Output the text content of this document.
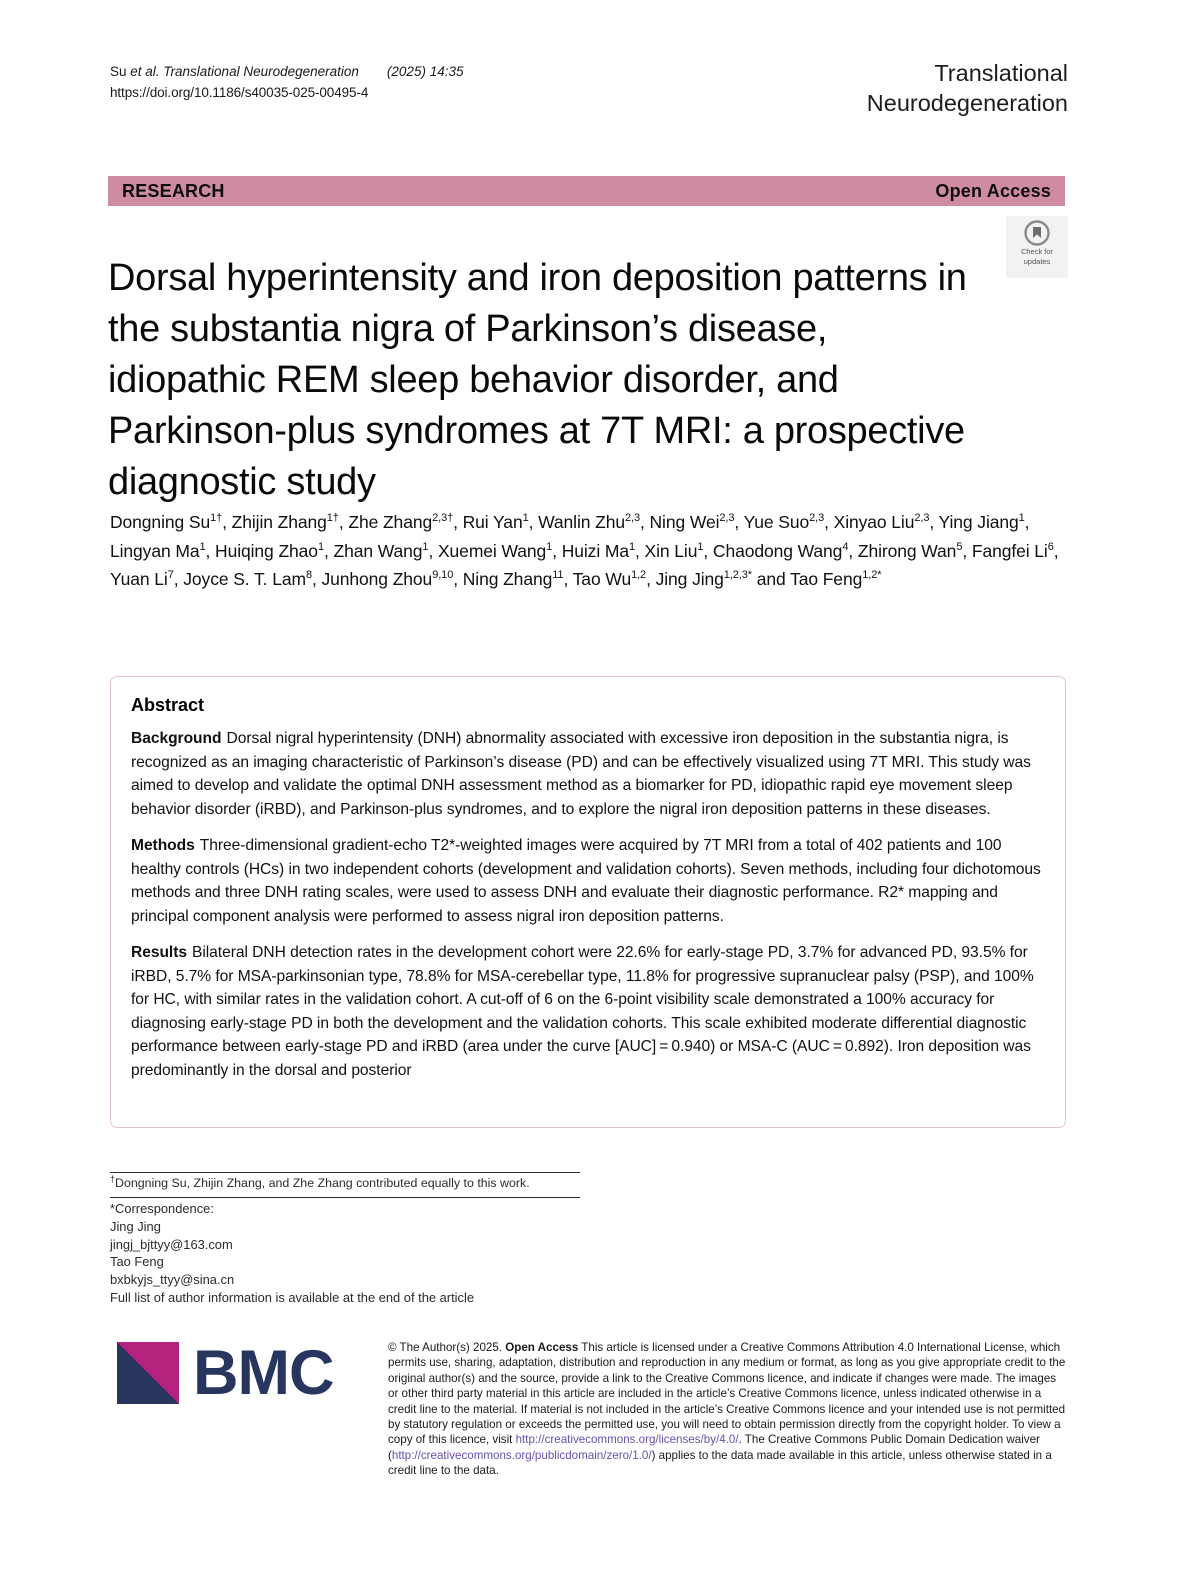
Su et al. Translational Neurodegeneration (2025) 14:35
https://doi.org/10.1186/s40035-025-00495-4
Translational
Neurodegeneration
RESEARCH	Open Access
Check for
updates
Dorsal hyperintensity and iron deposition patterns in the substantia nigra of Parkinson’s disease, idiopathic REM sleep behavior disorder, and Parkinson-plus syndromes at 7T MRI: a prospective diagnostic study
Dongning $Su^{1\dagger}$, Zhijin Zhang$^{1\dagger}$, Zhe Zhang$^{2,3\dagger}$, Rui Yan$^1$, Wanlin Zhu$^{2,3}$, Ning Wei$^{2,3}$, Yue Suo$^{2,3}$, Xinyao Liu$^{2,3}$, Ying Jiang$^1$, Lingyan Ma$^1$, Huiqing Zhao$^1$, Zhan Wang$^1$, Xuemei Wang$^1$, Huizi Ma$^1$, Xin Liu$^1$, Chaodong Wang$^4$, Zhirong Wan$^5$, Fangfei Li$^6$, Yuan Li$^7$, Joyce S. T. Lam$^8$, Junhong Zhou$^{9,10}$, Ning Zhang$^{11}$, Tao Wu$^{1,2}$, Jing Jing$^{1,2,3*}$ and Tao Feng$^{1,2*}$
Abstract

Background Dorsal nigral hyperintensity (DNH) abnormality associated with excessive iron deposition in the substantia nigra, is recognized as an imaging characteristic of Parkinson’s disease (PD) and can be effectively visualized using 7T MRI. This study was aimed to develop and validate the optimal DNH assessment method as a biomarker for PD, idiopathic rapid eye movement sleep behavior disorder (iRBD), and Parkinson-plus syndromes, and to explore the nigral iron deposition patterns in these diseases.

Methods Three-dimensional gradient-echo T2*-weighted images were acquired by 7T MRI from a total of 402 patients and 100 healthy controls (HCs) in two independent cohorts (development and validation cohorts). Seven methods, including four dichotomous methods and three DNH rating scales, were used to assess DNH and evaluate their diagnostic performance. R2* mapping and principal component analysis were performed to assess nigral iron deposition patterns.

Results Bilateral DNH detection rates in the development cohort were 22.6% for early-stage PD, 3.7% for advanced PD, 93.5% for iRBD, 5.7% for MSA-parkinsonian type, 78.8% for MSA-cerebellar type, 11.8% for progressive supranuclear palsy (PSP), and 100% for HC, with similar rates in the validation cohort. A cut-off of 6 on the 6-point visibility scale demonstrated a 100% accuracy for diagnosing early-stage PD in both the development and the validation cohorts. This scale exhibited moderate differential diagnostic performance between early-stage PD and iRBD (area under the curve [AUC] = 0.940) or MSA-C (AUC = 0.892). Iron deposition was predominantly in the dorsal and posterior

†Dongning Su, Zhijin Zhang, and Zhe Zhang contributed equally to this work.
*Correspondence:
Jing Jing
jingj_bjttyy@163.com
Tao Feng
bxbkyjs_ttyy@sina.cn
Full list of author information is available at the end of the article
BMC	© The Author(s) 2025. Open Access This article is licensed under a Creative Commons Attribution 4.0 International License, which permits use, sharing, adaptation, distribution and reproduction in any medium or format, as long as you give appropriate credit to the original author(s) and the source, provide a link to the Creative Commons licence, and indicate if changes were made. The images or other third party material in this article are included in the article’s Creative Commons licence, unless indicated otherwise in a credit line to the material. If material is not included in the article’s Creative Commons licence and your intended use is not permitted by statutory regulation or exceeds the permitted use, you will need to obtain permission directly from the copyright holder. To view a copy of this licence, visit http://creativecommons.org/licenses/by/4.0/. The Creative Commons Public Domain Dedication waiver (http://creativecommons.org/publicdomain/zero/1.0/) applies to the data made available in this article, unless otherwise stated in a credit line to the data.
